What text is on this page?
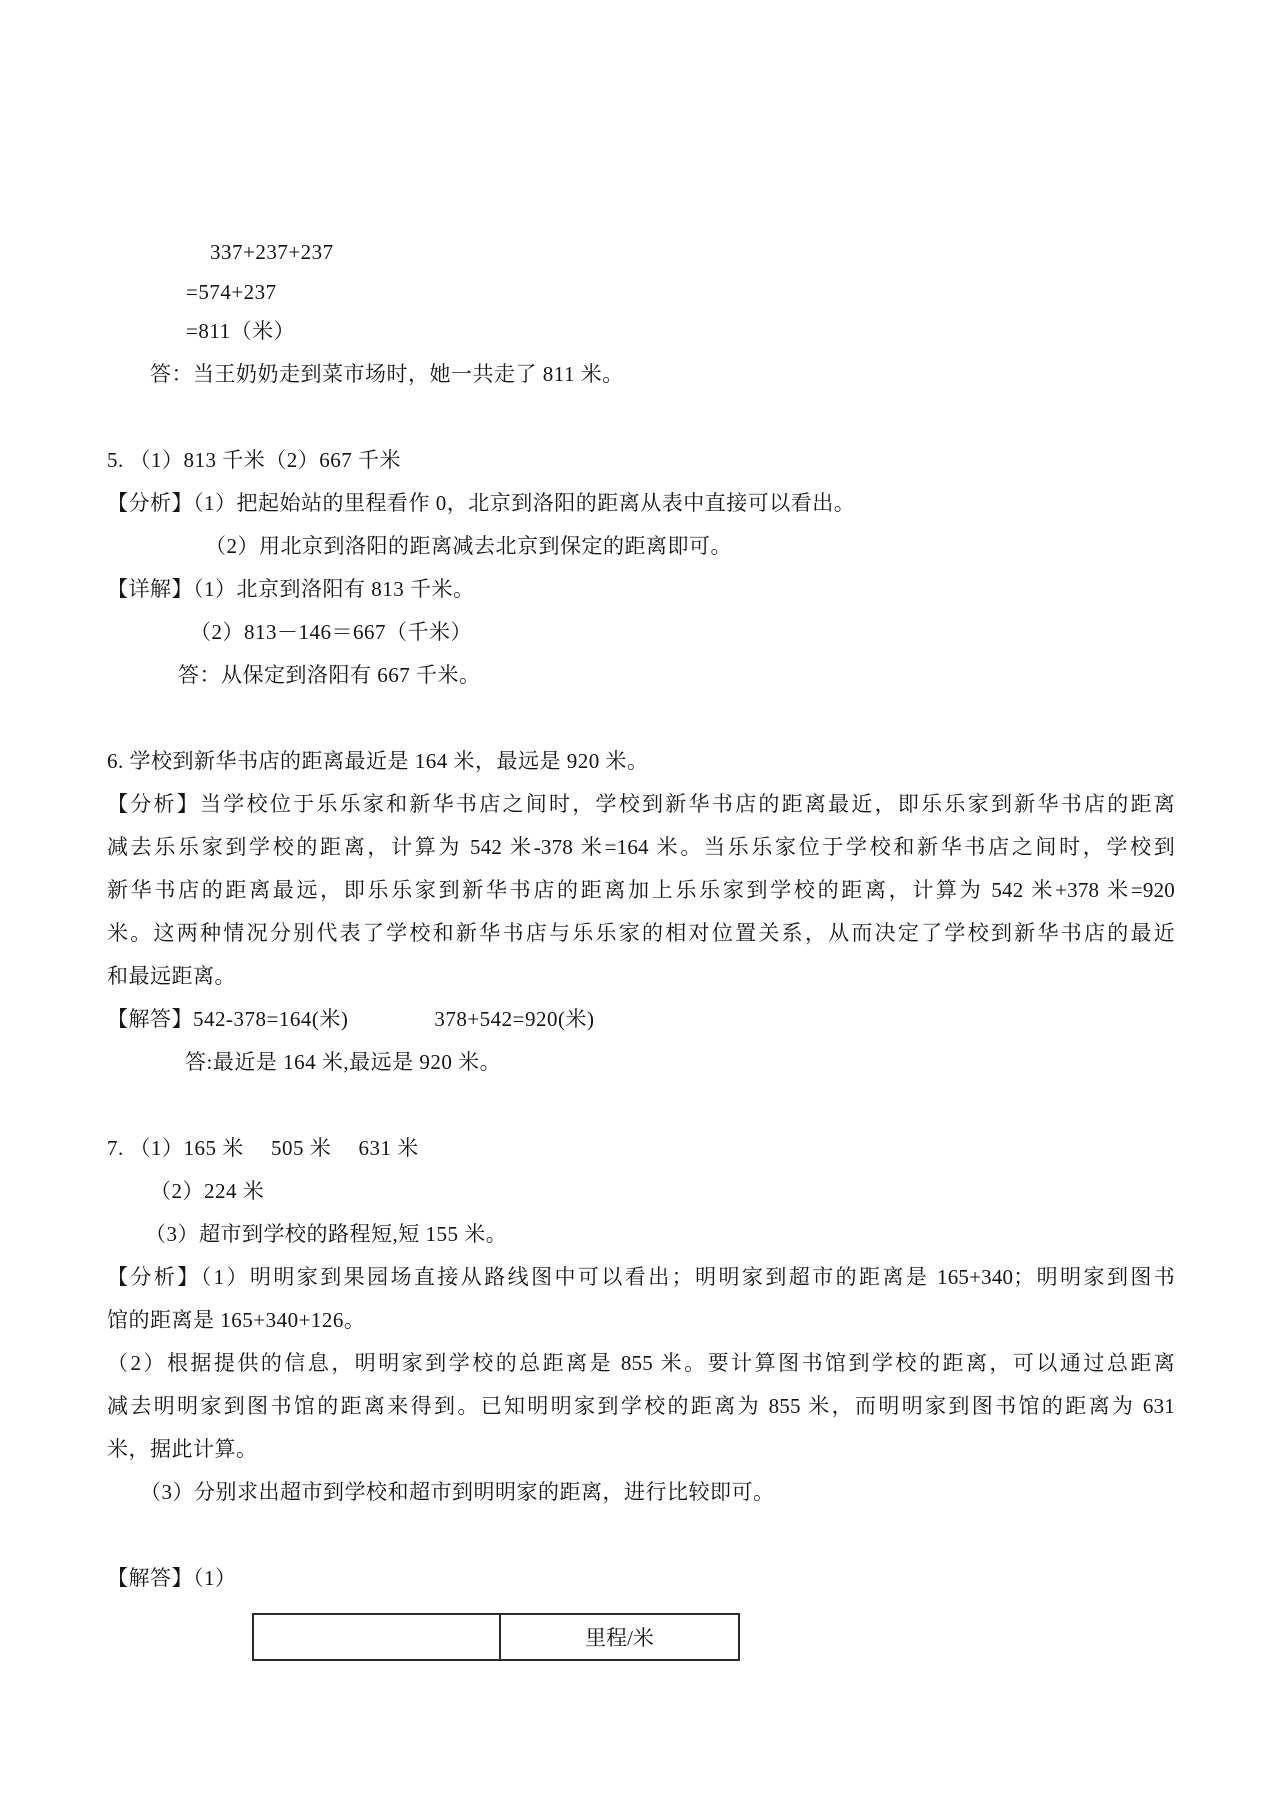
337+237+237
=574+237
=811（米）
答：当王奶奶走到菜市场时，她一共走了 811 米。
5. （1）813 千米（2）667 千米
【分析】（1）把起始站的里程看作 0，北京到洛阳的距离从表中直接可以看出。
（2）用北京到洛阳的距离减去北京到保定的距离即可。
【详解】（1）北京到洛阳有 813 千米。
（2）813－146＝667（千米）
答：从保定到洛阳有 667 千米。
6. 学校到新华书店的距离最近是 164 米，最远是 920 米。
【分析】当学校位于乐乐家和新华书店之间时，学校到新华书店的距离最近，即乐乐家到新华书店的距离
减去乐乐家到学校的距离，计算为 542 米-378 米=164 米。当乐乐家位于学校和新华书店之间时，学校到
新华书店的距离最远，即乐乐家到新华书店的距离加上乐乐家到学校的距离，计算为 542 米+378 米=920
米。这两种情况分别代表了学校和新华书店与乐乐家的相对位置关系，从而决定了学校到新华书店的最近
和最远距离。
【解答】542-378=164(米)　　　　378+542=920(米)
答:最近是 164 米,最远是 920 米。
7. （1）165 米　 505 米　 631 米
（2）224 米
（3）超市到学校的路程短,短 155 米。
【分析】（1）明明家到果园场直接从路线图中可以看出；明明家到超市的距离是 165+340；明明家到图书
馆的距离是 165+340+126。
（2）根据提供的信息，明明家到学校的总距离是 855 米。要计算图书馆到学校的距离，可以通过总距离
减去明明家到图书馆的距离来得到。已知明明家到学校的距离为 855 米，而明明家到图书馆的距离为 631
米，据此计算。
（3）分别求出超市到学校和超市到明明家的距离，进行比较即可。
【解答】（1）
	里程/米
